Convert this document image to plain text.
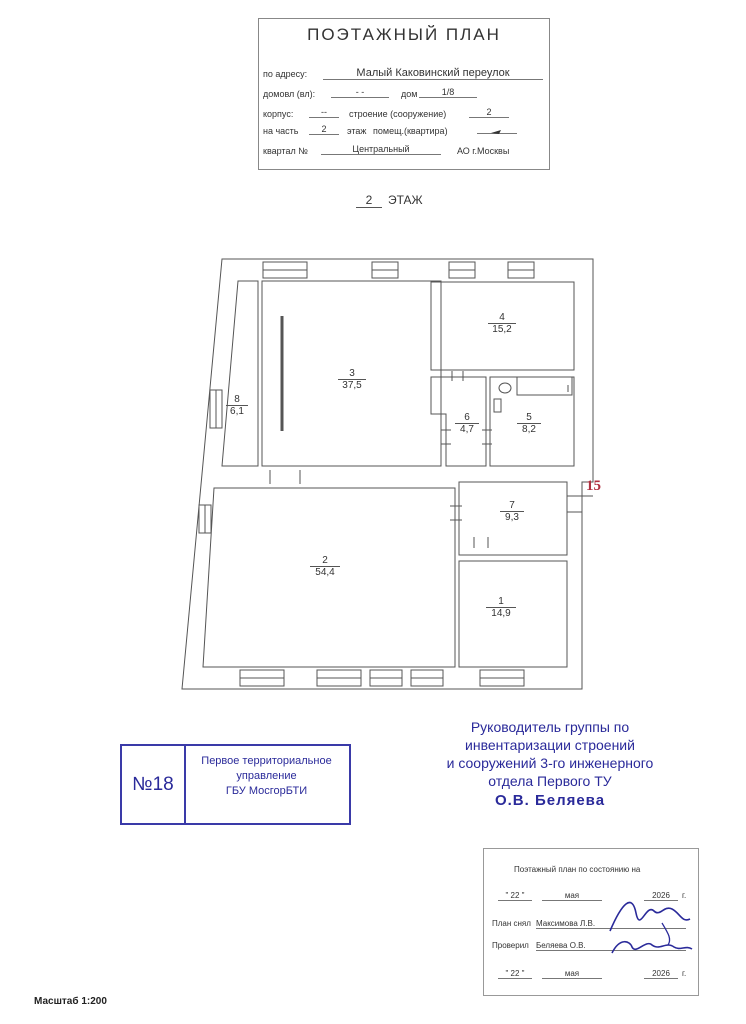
ПОЭТАЖНЫЙ ПЛАН
по адресу:	Малый Каковинский переулок
домовл (вл):	- -	дом	1/8
корпус:	--	строение (сооружение)	2
на часть	2	этаж помещ.(квартира)
квартал №	Центральный	АО г.Москвы
2	ЭТАЖ
8
6,1
3
37,5
4
15,2
6
4,7
5
8,2
7
9,3
2
54,4
1
14,9
15
№18
Первое территориальное
управление
ГБУ МосгорБТИ
Руководитель группы по
инвентаризации строений
и сооружений 3-го инженерного
отдела Первого ТУ
О.В. Беляева
Поэтажный план по состоянию на
" 22 "	мая	2026	г.
План снял Максимова Л.В.
Проверил Беляева О.В.
" 22 "	мая	2026	г.
Масштаб 1:200
